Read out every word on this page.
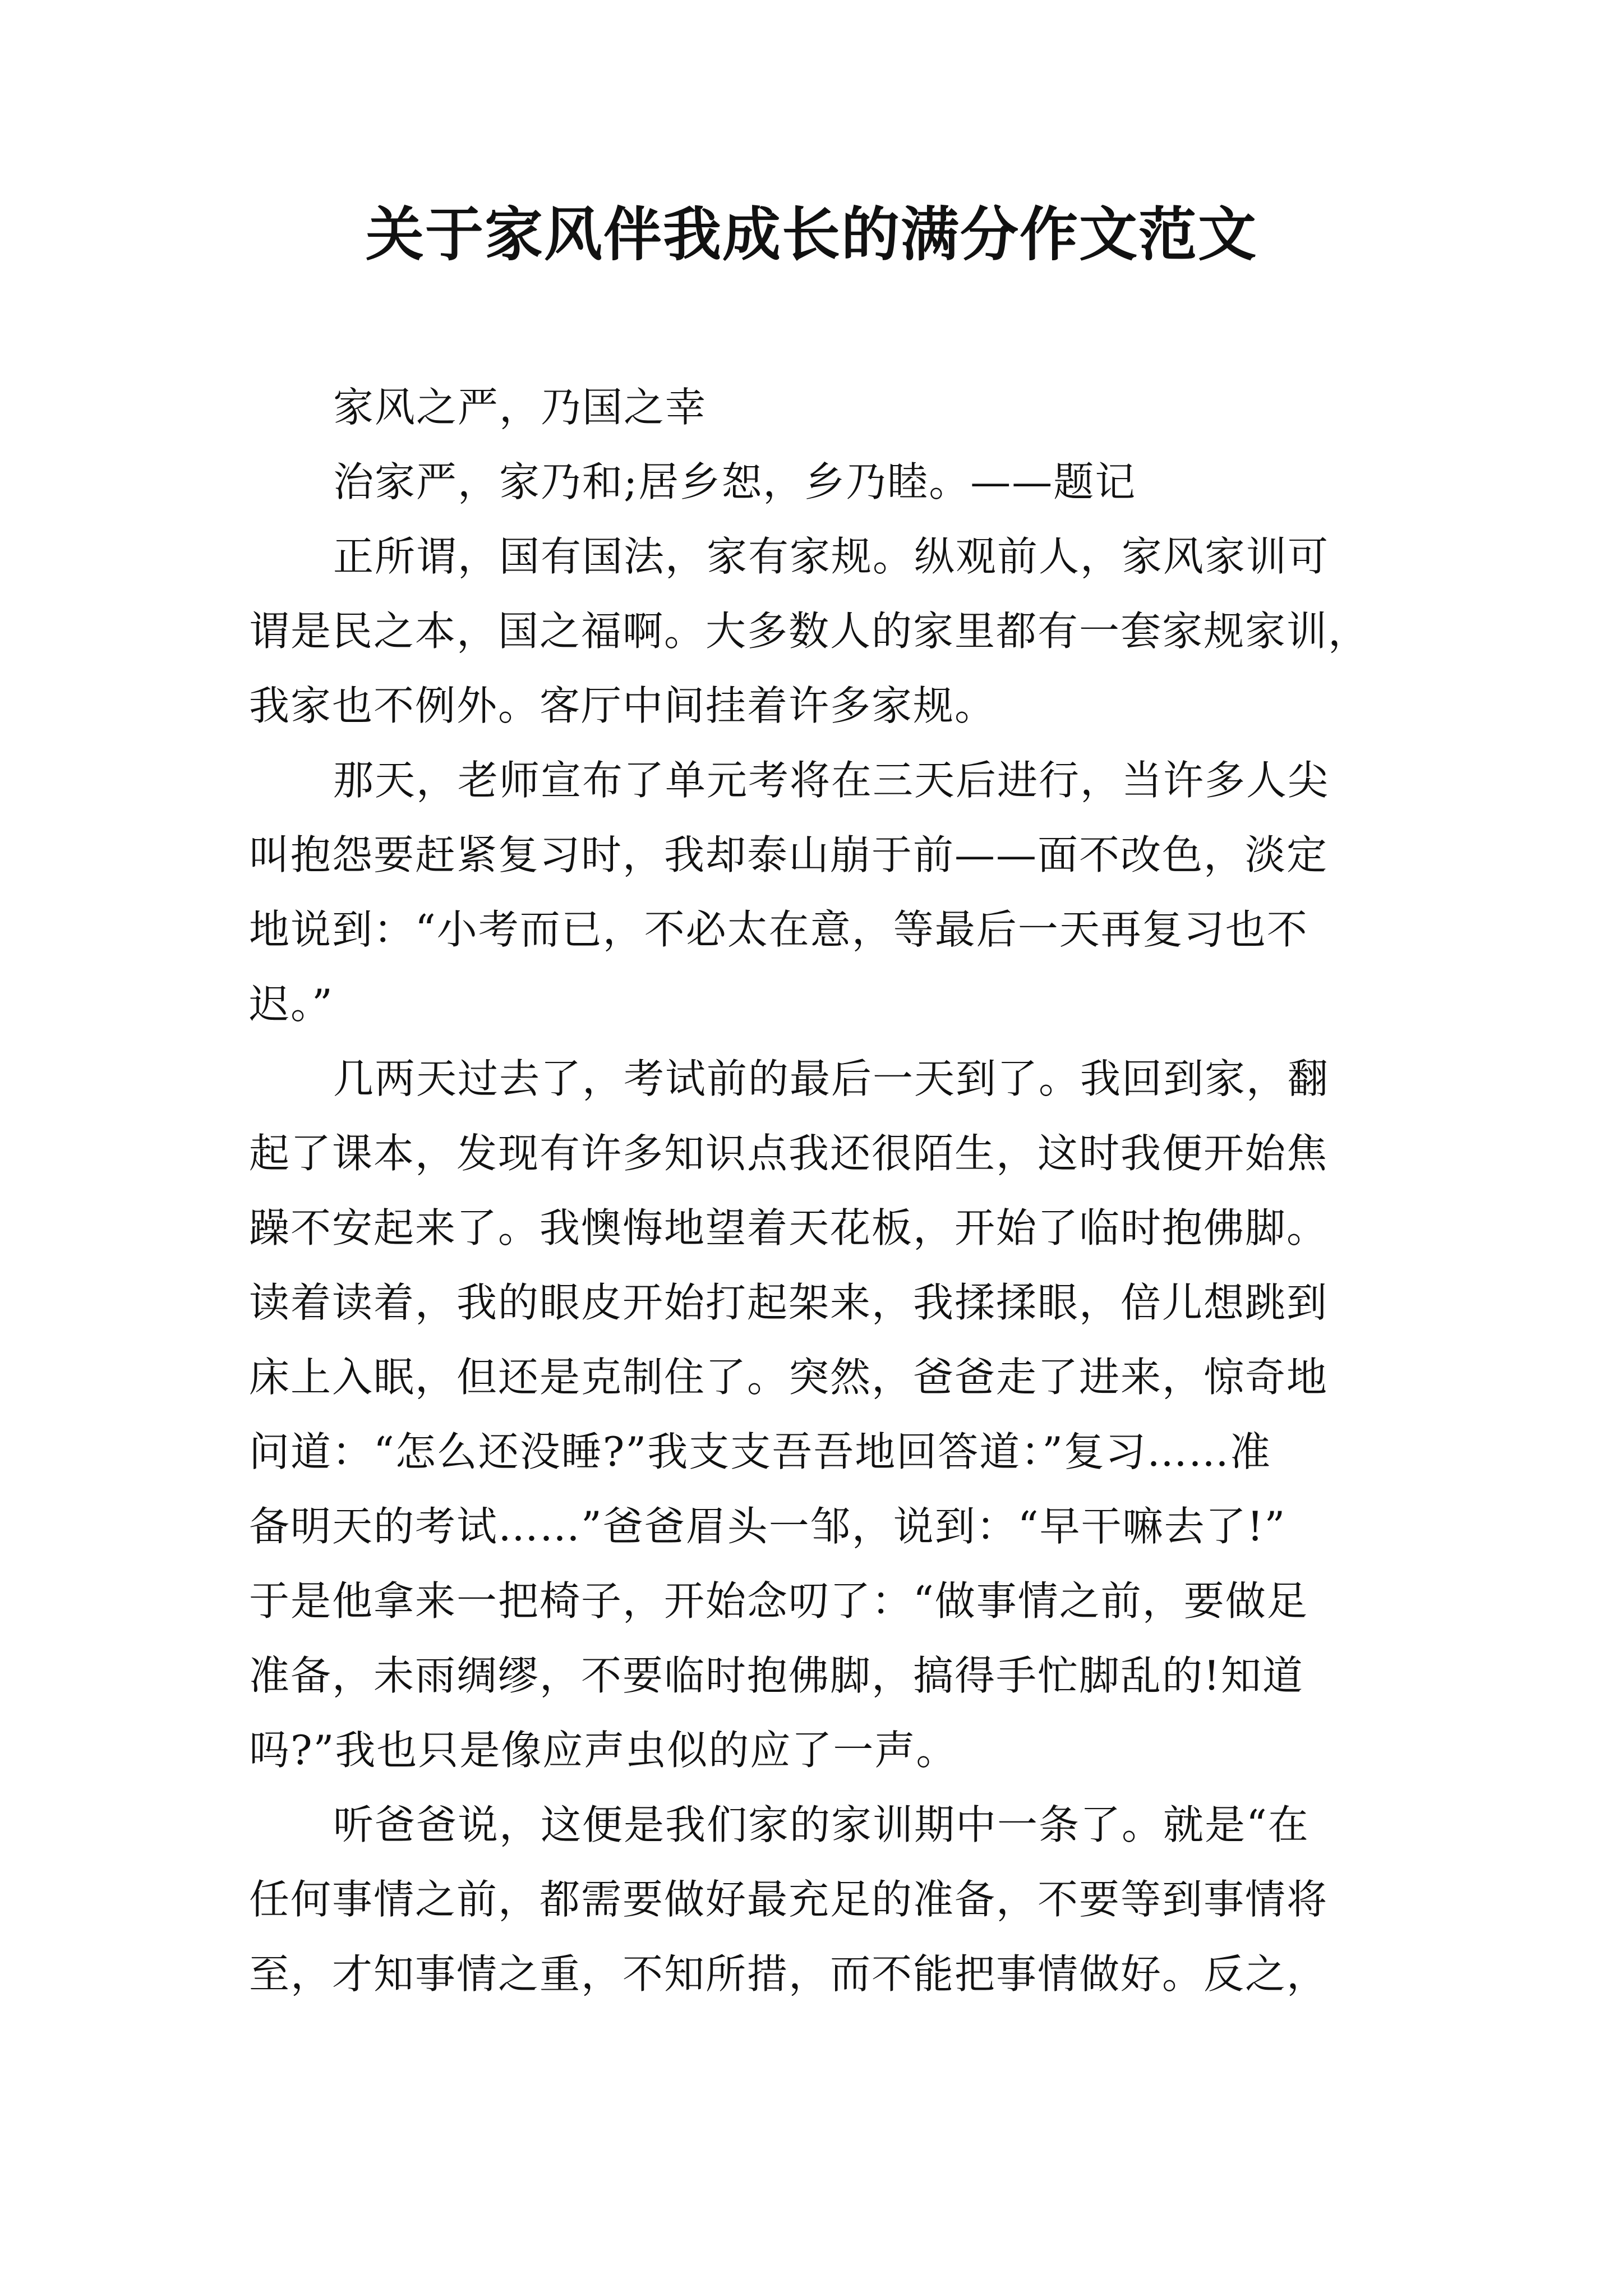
关于家风伴我成长的满分作文范文
家风之严，乃国之幸
治家严，家乃和;居乡恕，乡乃睦。——题记
正所谓，国有国法，家有家规。纵观前人，家风家训可
谓是民之本，国之福啊。大多数人的家里都有一套家规家训，
我家也不例外。客厅中间挂着许多家规。
那天，老师宣布了单元考将在三天后进行，当许多人尖
叫抱怨要赶紧复习时，我却泰山崩于前——面不改色，淡定
地说到：“小考而已，不必太在意，等最后一天再复习也不
迟。”
几两天过去了，考试前的最后一天到了。我回到家，翻
起了课本，发现有许多知识点我还很陌生，这时我便开始焦
躁不安起来了。我懊悔地望着天花板，开始了临时抱佛脚。
读着读着，我的眼皮开始打起架来，我揉揉眼，倍儿想跳到
床上入眠，但还是克制住了。突然，爸爸走了进来，惊奇地
问道：“怎么还没睡?”我支支吾吾地回答道：”复习……准
备明天的考试……”爸爸眉头一邹，说到：“早干嘛去了!”
于是他拿来一把椅子，开始念叨了：“做事情之前，要做足
准备，未雨绸缪，不要临时抱佛脚，搞得手忙脚乱的!知道
吗?”我也只是像应声虫似的应了一声。
听爸爸说，这便是我们家的家训期中一条了。就是“在
任何事情之前，都需要做好最充足的准备，不要等到事情将
至，才知事情之重，不知所措，而不能把事情做好。反之，
